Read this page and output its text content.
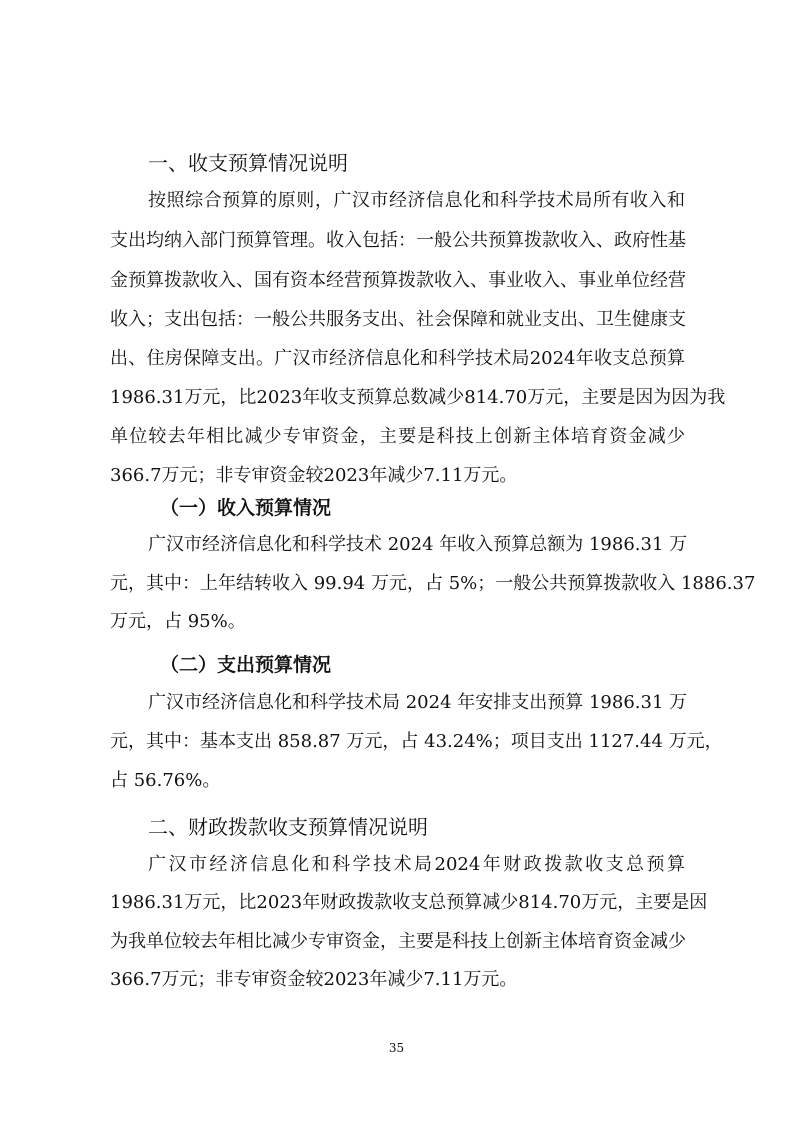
一、收支预算情况说明
按照综合预算的原则，广汉市经济信息化和科学技术局所有收入和
支出均纳入部门预算管理。收入包括：一般公共预算拨款收入、政府性基
金预算拨款收入、国有资本经营预算拨款收入、事业收入、事业单位经营
收入；支出包括：一般公共服务支出、社会保障和就业支出、卫生健康支
出、住房保障支出。广汉市经济信息化和科学技术局2024年收支总预算
1986.31万元，比2023年收支预算总数减少814.70万元，主要是因为因为我
单位较去年相比减少专审资金，主要是科技上创新主体培育资金减少
366.7万元；非专审资金较2023年减少7.11万元。
（一）收入预算情况
广汉市经济信息化和科学技术 2024 年收入预算总额为 1986.31 万
元，其中：上年结转收入 99.94 万元，占 5%；一般公共预算拨款收入 1886.37
万元，占 95%。
（二）支出预算情况
广汉市经济信息化和科学技术局 2024 年安排支出预算 1986.31 万
元，其中：基本支出 858.87 万元，占 43.24%；项目支出 1127.44 万元，
占 56.76%。
二、财政拨款收支预算情况说明
广汉市经济信息化和科学技术局2024年财政拨款收支总预算
1986.31万元，比2023年财政拨款收支总预算减少814.70万元，主要是因
为我单位较去年相比减少专审资金，主要是科技上创新主体培育资金减少
366.7万元；非专审资金较2023年减少7.11万元。
35
